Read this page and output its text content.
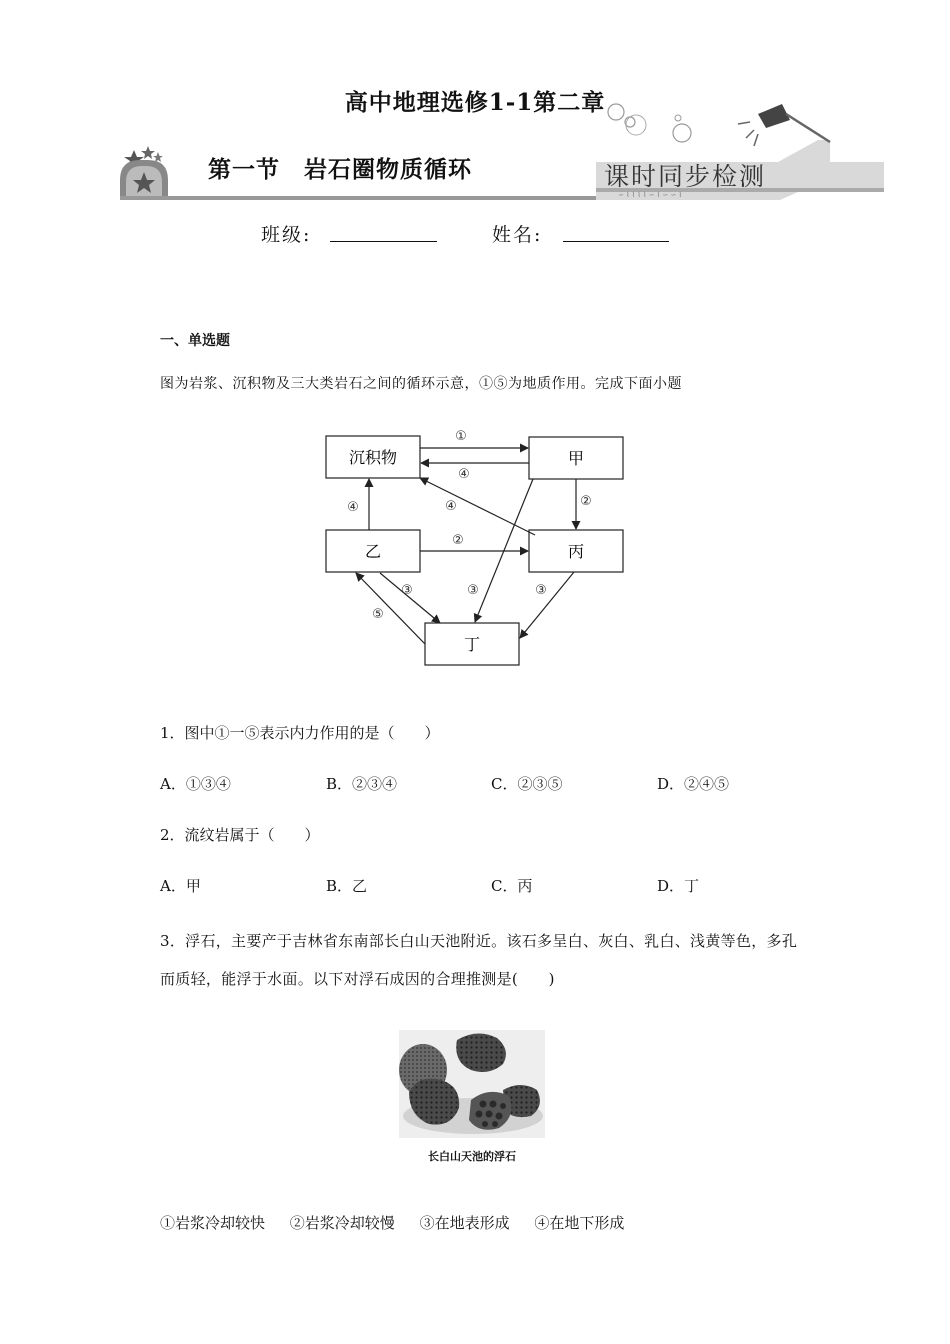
高中地理选修1-1第二章
∽ ⌇ ⌇ ⌇ ⌇ ∽ ⌇ ∽ ∽ ⌇
第一节　岩石圈物质循环	课时同步检测
班级:	姓名:
一、单选题
图为岩浆、沉积物及三大类岩石之间的循环示意，①⑤为地质作用。完成下面小题
沉积物	甲
乙	丙
丁
①
④
④	④	②
②
③
⑤
③	③
1．图中①一⑤表示内力作用的是（　　）
A．①③④	B．②③④	C．②③⑤	D．②④⑤
2．流纹岩属于（　　）
A．甲	B．乙	C．丙	D．丁
3．浮石，主要产于吉林省东南部长白山天池附近。该石多呈白、灰白、乳白、浅黄等色，多孔而质轻，能浮于水面。以下对浮石成因的合理推测是(　　)
长白山天池的浮石
①岩浆冷却较快 ②岩浆冷却较慢 ③在地表形成 ④在地下形成
